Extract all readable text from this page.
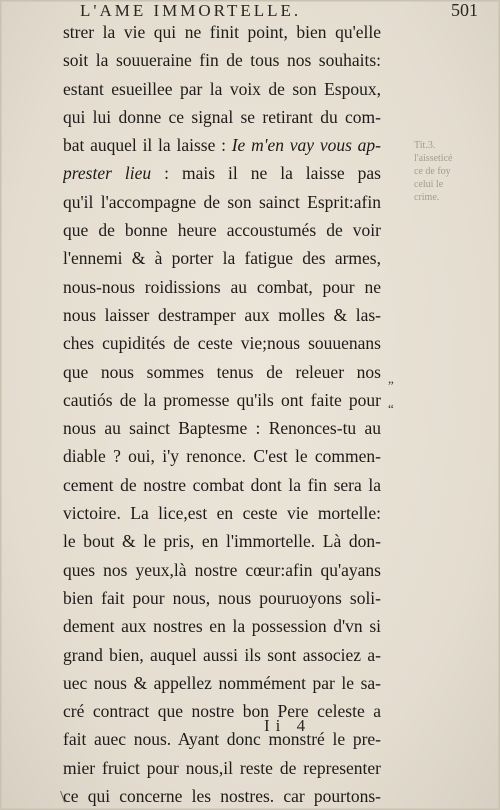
L'AME IMMORTELLE.	501
strer la vie qui ne finit point, bien qu'elle
soit la souueraine fin de tous nos souhaits:
estant esueillee par la voix de son Espoux,
qui lui donne ce signal se retirant du com-
bat auquel il la laisse : Ie m'en vay vous ap-
prester lieu : mais il ne la laisse pas
qu'il l'accompagne de son sainct Esprit:afin
que de bonne heure accoustumés de voir
l'ennemi & à porter la fatigue des armes,
nous-nous roidissions au combat, pour ne
nous laisser destramper aux molles & las-
ches cupidités de ceste vie;nous souuenans
que nous sommes tenus de releuer nos
cautiós de la promesse qu'ils ont faite pour
nous au sainct Baptesme : Renonces-tu au
diable ? oui, i'y renonce. C'est le commen-
cement de nostre combat dont la fin sera la
victoire. La lice,est en ceste vie mortelle:
le bout & le pris, en l'immortelle. Là don-
ques nos yeux,là nostre cœur:afin qu'ayans
bien fait pour nous, nous pouruoyons soli-
dement aux nostres en la possession d'vn si
grand bien, auquel aussi ils sont associez a-
uec nous & appellez nommément par le sa-
cré contract que nostre bon Pere celeste a
fait auec nous. Ayant donc monstré le pre-
mier fruict pour nous,il reste de representer
ce qui concerne les nostres. car pourtons-
Tit.3.
l'aisseticé
ce de foy
celui le
crime.
”
“
Ii 4
